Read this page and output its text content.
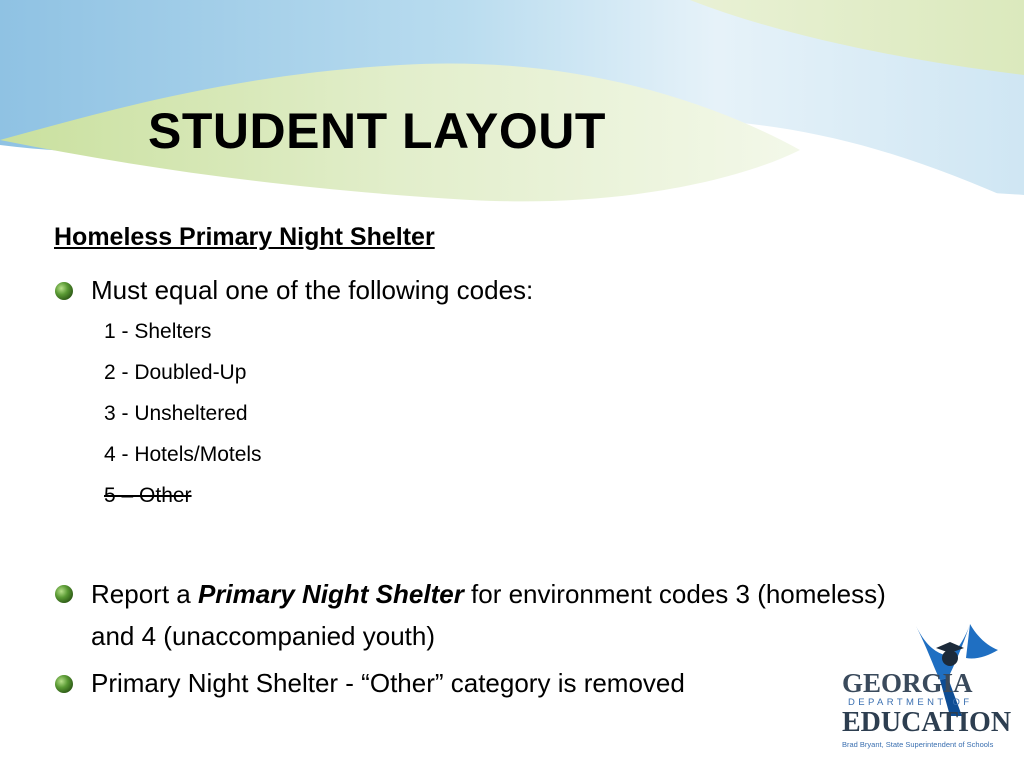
STUDENT LAYOUT
Homeless Primary Night Shelter
Must equal one of the following codes:
1 - Shelters
2 - Doubled-Up
3 - Unsheltered
4 - Hotels/Motels
5 – Other
Report a Primary Night Shelter for environment codes 3 (homeless) and 4 (unaccompanied youth)
Primary Night Shelter - “Other” category is removed	GEORGIA
DEPARTMENT OF
EDUCATION
Brad Bryant, State Superintendent of Schools
